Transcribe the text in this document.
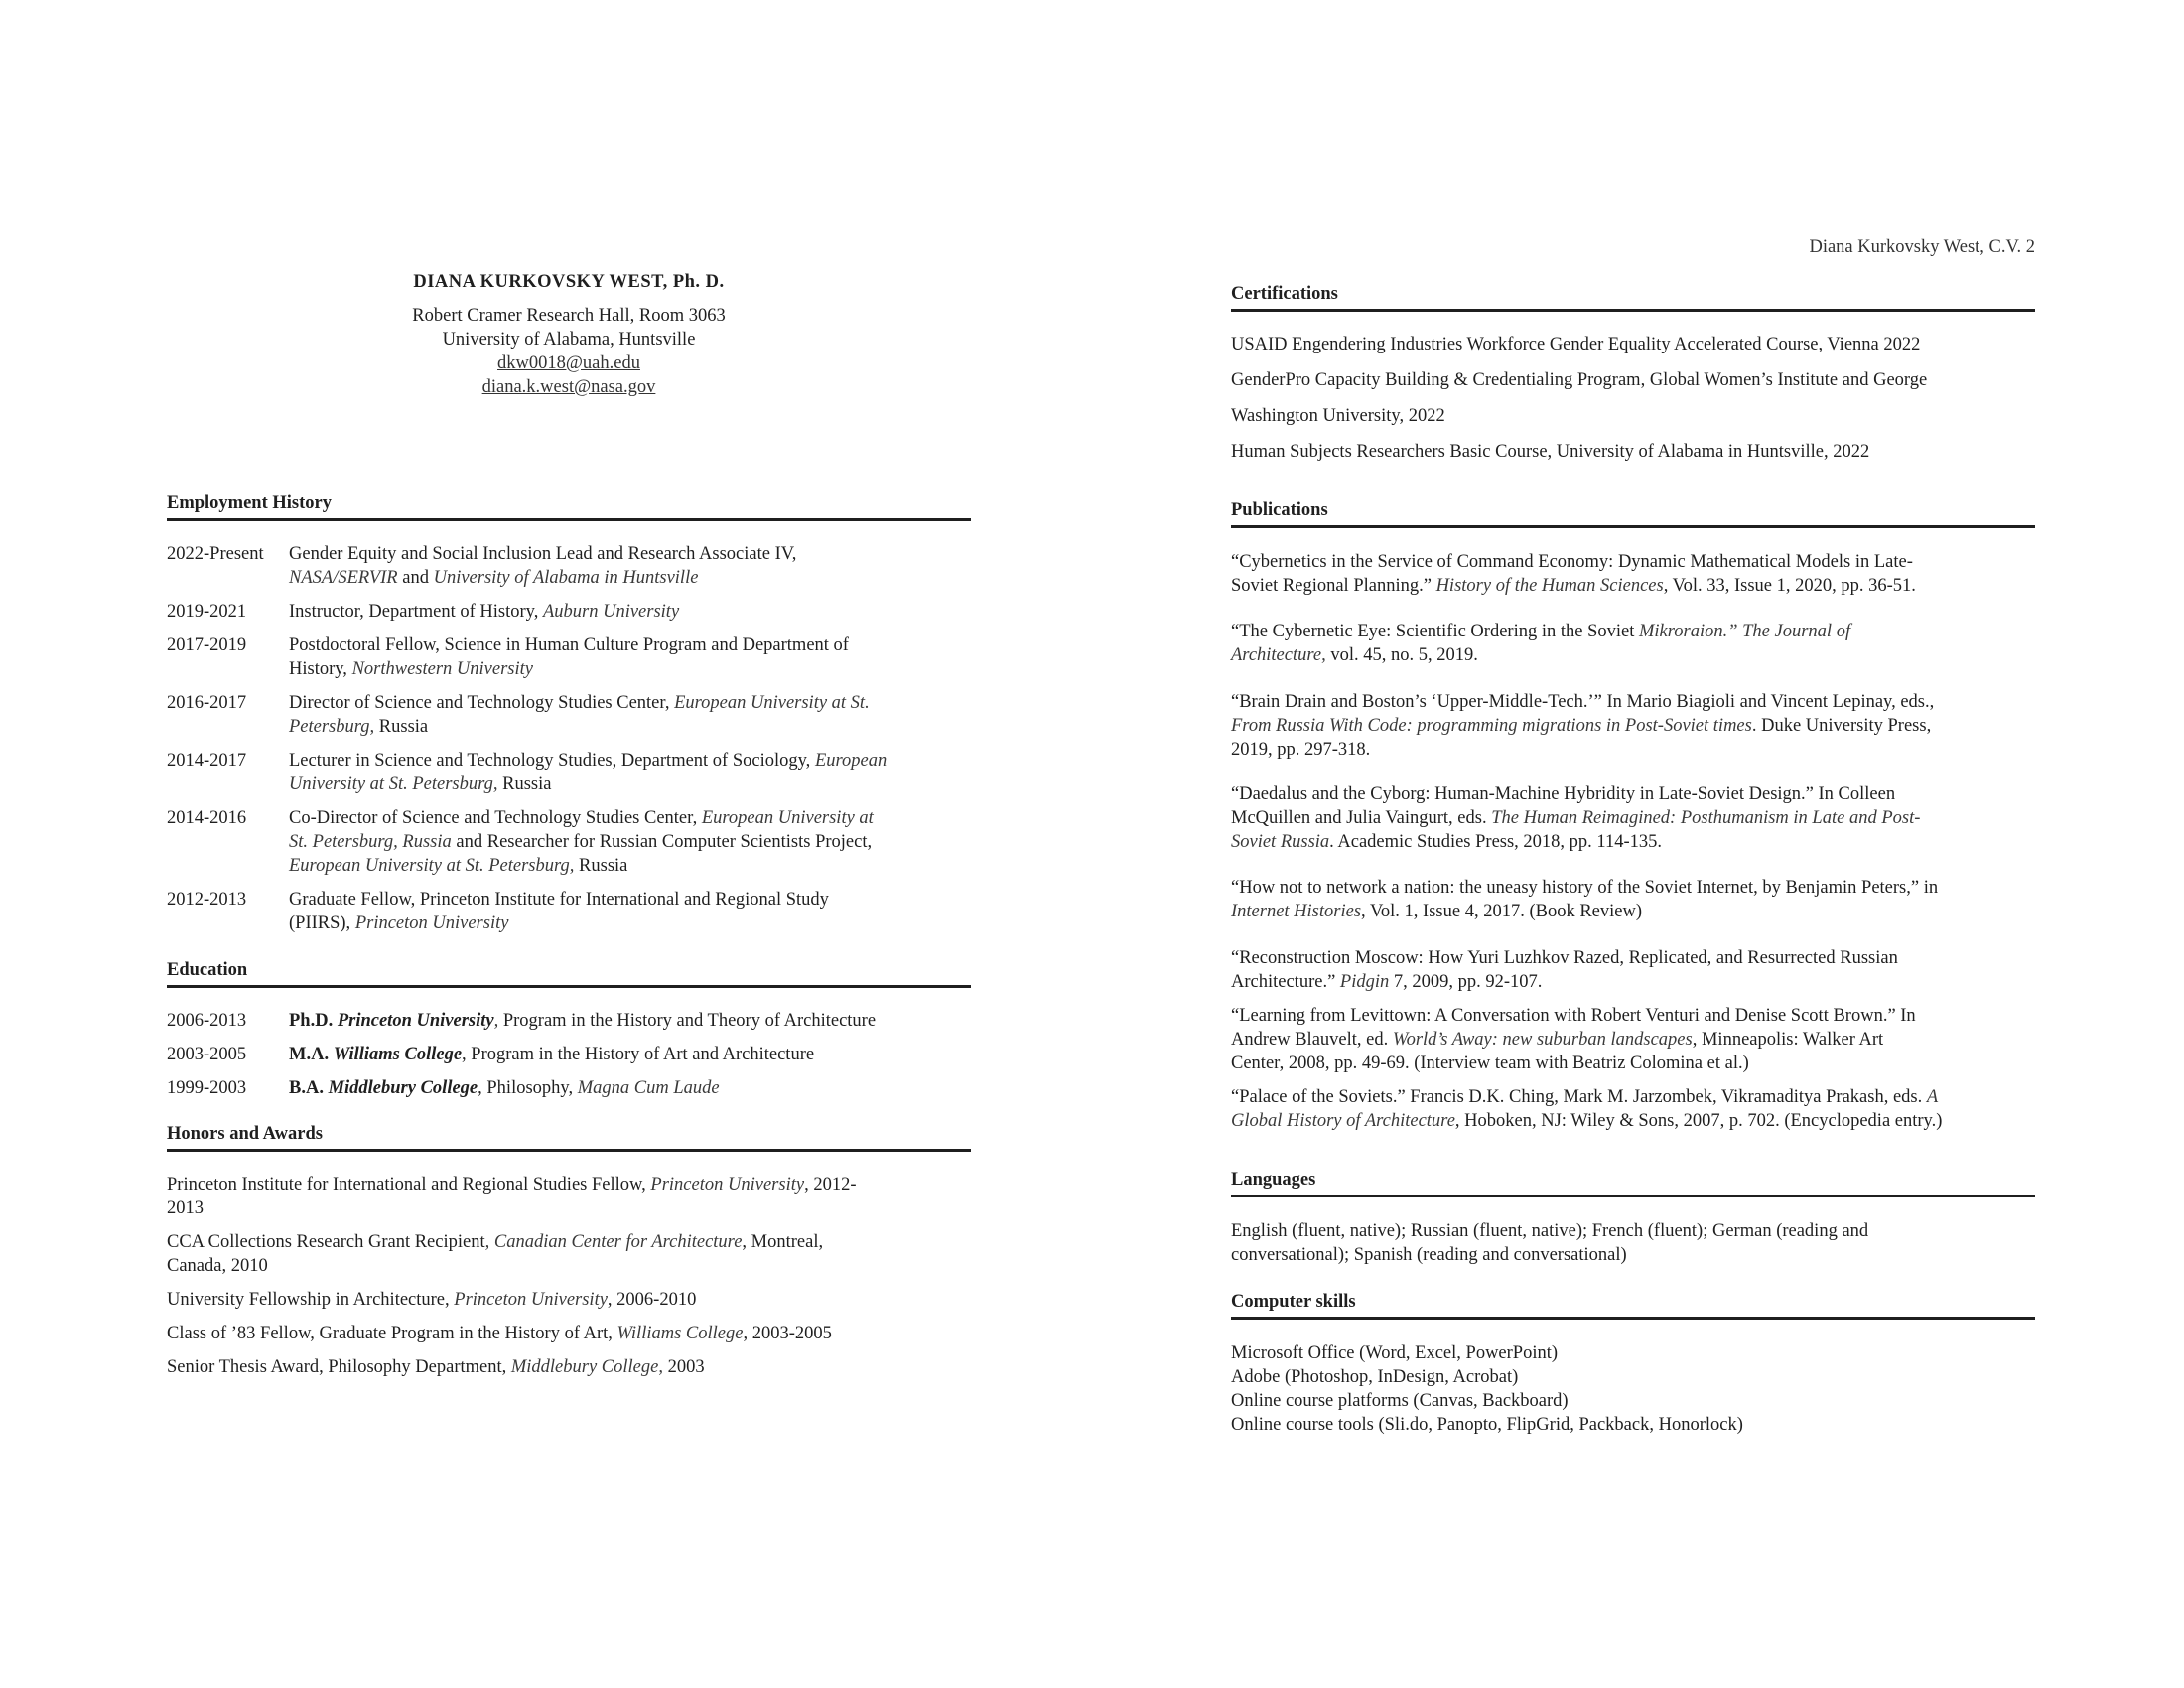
DIANA KURKOVSKY WEST, Ph. D.
Robert Cramer Research Hall, Room 3063
University of Alabama, Huntsville
dkw0018@uah.edu
diana.k.west@nasa.gov
Employment History
2022-Present	Gender Equity and Social Inclusion Lead and Research Associate IV,
NASA/SERVIR and University of Alabama in Huntsville
2019-2021	Instructor, Department of History, Auburn University
2017-2019	Postdoctoral Fellow, Science in Human Culture Program and Department of
History, Northwestern University
2016-2017	Director of Science and Technology Studies Center, European University at St.
Petersburg, Russia
2014-2017	Lecturer in Science and Technology Studies, Department of Sociology, European
University at St. Petersburg, Russia
2014-2016	Co-Director of Science and Technology Studies Center, European University at
St. Petersburg, Russia and Researcher for Russian Computer Scientists Project,
European University at St. Petersburg, Russia
2012-2013	Graduate Fellow, Princeton Institute for International and Regional Study
(PIIRS), Princeton University
Education
2006-2013	Ph.D. Princeton University, Program in the History and Theory of Architecture
2003-2005	M.A. Williams College, Program in the History of Art and Architecture
1999-2003	B.A. Middlebury College, Philosophy, Magna Cum Laude
Honors and Awards
Princeton Institute for International and Regional Studies Fellow, Princeton University, 2012-
2013
CCA Collections Research Grant Recipient, Canadian Center for Architecture, Montreal,
Canada, 2010
University Fellowship in Architecture, Princeton University, 2006-2010
Class of ’83 Fellow, Graduate Program in the History of Art, Williams College, 2003-2005
Senior Thesis Award, Philosophy Department, Middlebury College, 2003
Diana Kurkovsky West, C.V. 2
Certifications
USAID Engendering Industries Workforce Gender Equality Accelerated Course, Vienna 2022
GenderPro Capacity Building & Credentialing Program, Global Women’s Institute and George
Washington University, 2022
Human Subjects Researchers Basic Course, University of Alabama in Huntsville, 2022
Publications
“Cybernetics in the Service of Command Economy: Dynamic Mathematical Models in Late-
Soviet Regional Planning.” History of the Human Sciences, Vol. 33, Issue 1, 2020, pp. 36-51.
“The Cybernetic Eye: Scientific Ordering in the Soviet Mikroraion.” The Journal of
Architecture, vol. 45, no. 5, 2019.
“Brain Drain and Boston’s ‘Upper-Middle-Tech.’” In Mario Biagioli and Vincent Lepinay, eds.,
From Russia With Code: programming migrations in Post-Soviet times. Duke University Press,
2019, pp. 297-318.
“Daedalus and the Cyborg: Human-Machine Hybridity in Late-Soviet Design.” In Colleen
McQuillen and Julia Vaingurt, eds. The Human Reimagined: Posthumanism in Late and Post-
Soviet Russia. Academic Studies Press, 2018, pp. 114-135.
“How not to network a nation: the uneasy history of the Soviet Internet, by Benjamin Peters,” in
Internet Histories, Vol. 1, Issue 4, 2017. (Book Review)
“Reconstruction Moscow: How Yuri Luzhkov Razed, Replicated, and Resurrected Russian
Architecture.” Pidgin 7, 2009, pp. 92-107.
“Learning from Levittown: A Conversation with Robert Venturi and Denise Scott Brown.” In
Andrew Blauvelt, ed. World’s Away: new suburban landscapes, Minneapolis: Walker Art
Center, 2008, pp. 49-69. (Interview team with Beatriz Colomina et al.)
“Palace of the Soviets.” Francis D.K. Ching, Mark M. Jarzombek, Vikramaditya Prakash, eds. A
Global History of Architecture, Hoboken, NJ: Wiley & Sons, 2007, p. 702. (Encyclopedia entry.)
Languages
English (fluent, native); Russian (fluent, native); French (fluent); German (reading and
conversational); Spanish (reading and conversational)
Computer skills
Microsoft Office (Word, Excel, PowerPoint)
Adobe (Photoshop, InDesign, Acrobat)
Online course platforms (Canvas, Backboard)
Online course tools (Sli.do, Panopto, FlipGrid, Packback, Honorlock)
